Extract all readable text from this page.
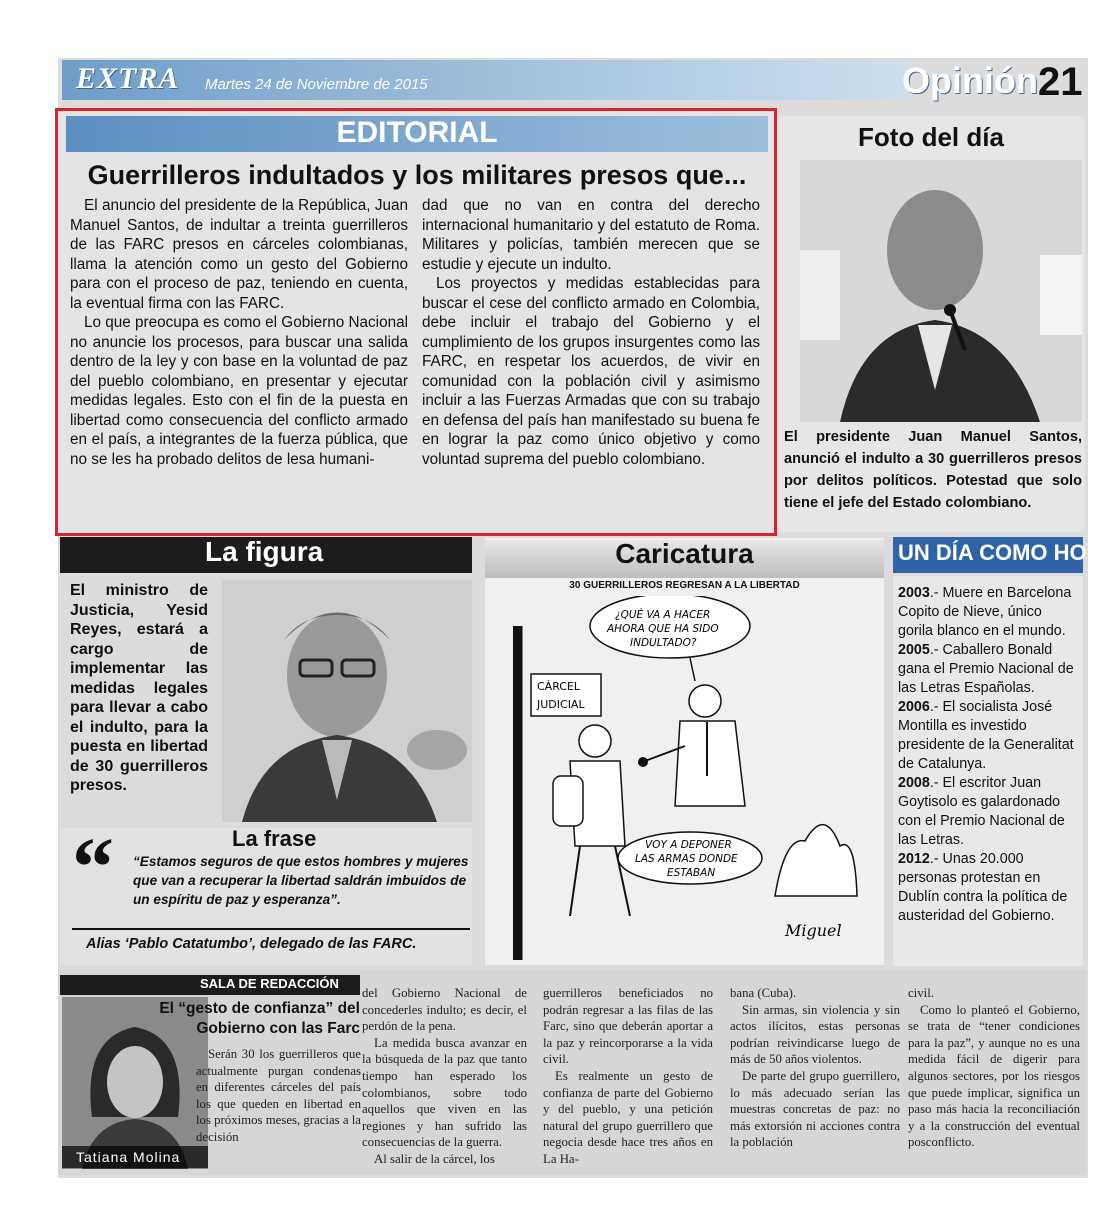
EXTRA Martes 24 de Noviembre de 2015	Opinión 21
EDITORIAL
Guerrilleros indultados y los militares presos que...

El anuncio del presidente de la República, Juan Manuel Santos, de indultar a treinta guerrilleros de las FARC presos en cárceles colombianas, llama la atención como un gesto del Gobierno para con el proceso de paz, teniendo en cuenta, la eventual firma con las FARC.

Lo que preocupa es como el Gobierno Nacional no anuncie los procesos, para buscar una salida dentro de la ley y con base en la voluntad de paz del pueblo colombiano, en presentar y ejecutar medidas legales. Esto con el fin de la puesta en libertad como consecuencia del conflicto armado en el país, a integrantes de la fuerza pública, que no se les ha probado delitos de lesa humani-

dad que no van en contra del derecho internacional humanitario y del estatuto de Roma. Militares y policías, también merecen que se estudie y ejecute un indulto.

Los proyectos y medidas establecidas para buscar el cese del conflicto armado en Colombia, debe incluir el trabajo del Gobierno y el cumplimiento de los grupos insurgentes como las FARC, en respetar los acuerdos, de vivir en comunidad con la población civil y asimismo incluir a las Fuerzas Armadas que con su trabajo en defensa del país han manifestado su buena fe en lograr la paz como único objetivo y como voluntad suprema del pueblo colombiano.

Foto del día
El presidente Juan Manuel Santos, anunció el indulto a 30 guerrilleros presos por delitos políticos. Potestad que solo tiene el jefe del Estado colombiano.
La figura
El ministro de Justicia, Yesid Reyes, estará a cargo de implementar las medidas legales para llevar a cabo el indulto, para la puesta en libertad de 30 guerrilleros presos.
“	La frase
“Estamos seguros de que estos hombres y mujeres que van a recuperar la libertad saldrán imbuidos de un espíritu de paz y esperanza”.
Alias ‘Pablo Catatumbo’, delegado de las FARC.
Caricatura
30 GUERRILLEROS REGRESAN A LA LIBERTAD
CÁRCEL
JUDICIAL
¿QUÉ VA A HACER
AHORA QUE HA SIDO
INDULTADO?
VOY A DEPONER
LAS ARMAS DONDE
ESTABAN
Miguel
UN DÍA COMO HOY

2003.- Muere en Barcelona Copito de Nieve, único gorila blanco en el mundo.

2005.- Caballero Bonald gana el Premio Nacional de las Letras Españolas.

2006.- El socialista José Montilla es investido presidente de la Generalitat de Catalunya.

2008.- El escritor Juan Goytisolo es galardonado con el Premio Nacional de las Letras.

2012.- Unas 20.000 personas protestan en Dublín contra la política de austeridad del Gobierno.

SALA DE REDACCIÓN
Tatiana Molina
El “gesto de confianza” del Gobierno con las Farc

Serán 30 los guerrilleros que actualmente purgan condenas en diferentes cárceles del país los que queden en libertad en los próximos meses, gracias a la decisión

del Gobierno Nacional de concederles indulto; es decir, el perdón de la pena.

La medida busca avanzar en la búsqueda de la paz que tanto tiempo han esperado los colombianos, sobre todo aquellos que viven en las regiones y han sufrido las consecuencias de la guerra.

Al salir de la cárcel, los

guerrilleros beneficiados no podrán regresar a las filas de las Farc, sino que deberán aportar a la paz y reincorporarse a la vida civil.

Es realmente un gesto de confianza de parte del Gobierno y del pueblo, y una petición natural del grupo guerrillero que negocia desde hace tres años en La Ha-

bana (Cuba).

Sin armas, sin violencia y sin actos ilícitos, estas personas podrían reivindicarse luego de más de 50 años violentos.

De parte del grupo guerrillero, lo más adecuado serían las muestras concretas de paz: no más extorsión ni acciones contra la población

civil.

Como lo planteó el Gobierno, se trata de “tener condiciones para la paz”, y aunque no es una medida fácil de digerir para algunos sectores, por los riesgos que puede implicar, significa un paso más hacia la reconciliación y a la construcción del eventual posconflicto.
